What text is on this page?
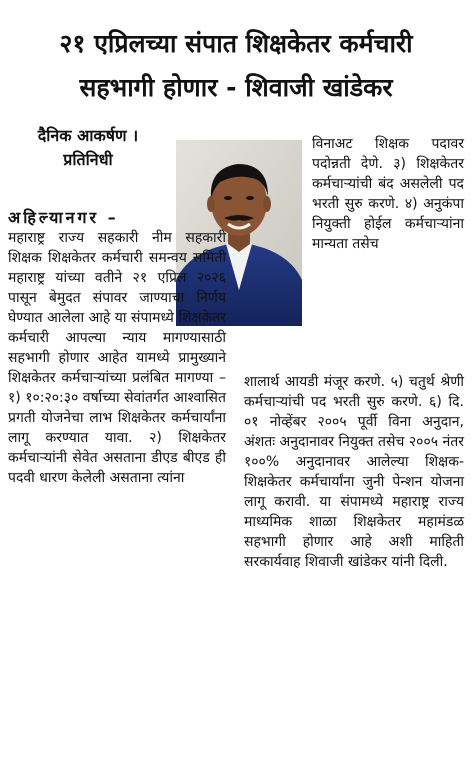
२१ एप्रिलच्या संपात शिक्षकेतर कर्मचारी
सहभागी होणार - शिवाजी खांडेकर
दैनिक आकर्षण ।
प्रतिनिधी

विनाअट शिक्षक पदावर पदोन्नती देणे. ३) शिक्षकेतर कर्मचाऱ्यांची बंद असलेली पद भरती सुरु करणे. ४) अनुकंपा नियुक्ती होईल कर्मचाऱ्यांना मान्यता तसेच

अहिल्यानगर –

महाराष्ट्र राज्य सहकारी नीम सहकारी शिक्षक शिक्षकेतर कर्मचारी समन्वय समिती महाराष्ट्र यांच्या वतीने २१ एप्रिल २०२६ पासून बेमुदत संपावर जाण्याचा निर्णय घेण्यात आलेला आहे या संपामध्ये शिक्षकेतर कर्मचारी आपल्या न्याय मागण्यासाठी सहभागी होणार आहेत यामध्ये प्रामुख्याने शिक्षकेतर कर्मचाऱ्यांच्या प्रलंबित मागण्या – १) १०:२०:३० वर्षाच्या सेवांतर्गत आश्वासित प्रगती योजनेचा लाभ शिक्षकेतर कर्मचार्यांना लागू करण्यात यावा. २) शिक्षकेतर कर्मचाऱ्यांनी सेवेत असताना डीएड बीएड ही पदवी धारण केलेली असताना त्यांना

शालार्थ आयडी मंजूर करणे. ५) चतुर्थ श्रेणी कर्मचाऱ्यांची पद भरती सुरु करणे. ६) दि. ०१ नोव्हेंबर २००५ पूर्वी विना अनुदान, अंशतः अनुदानावर नियुक्त तसेच २००५ नंतर १००% अनुदानावर आलेल्या शिक्षक-शिक्षकेतर कर्मचार्यांना जुनी पेन्शन योजना लागू करावी. या संपामध्ये महाराष्ट्र राज्य माध्यमिक शाळा शिक्षकेतर महामंडळ सहभागी होणार आहे अशी माहिती सरकार्यवाह शिवाजी खांडेकर यांनी दिली.
